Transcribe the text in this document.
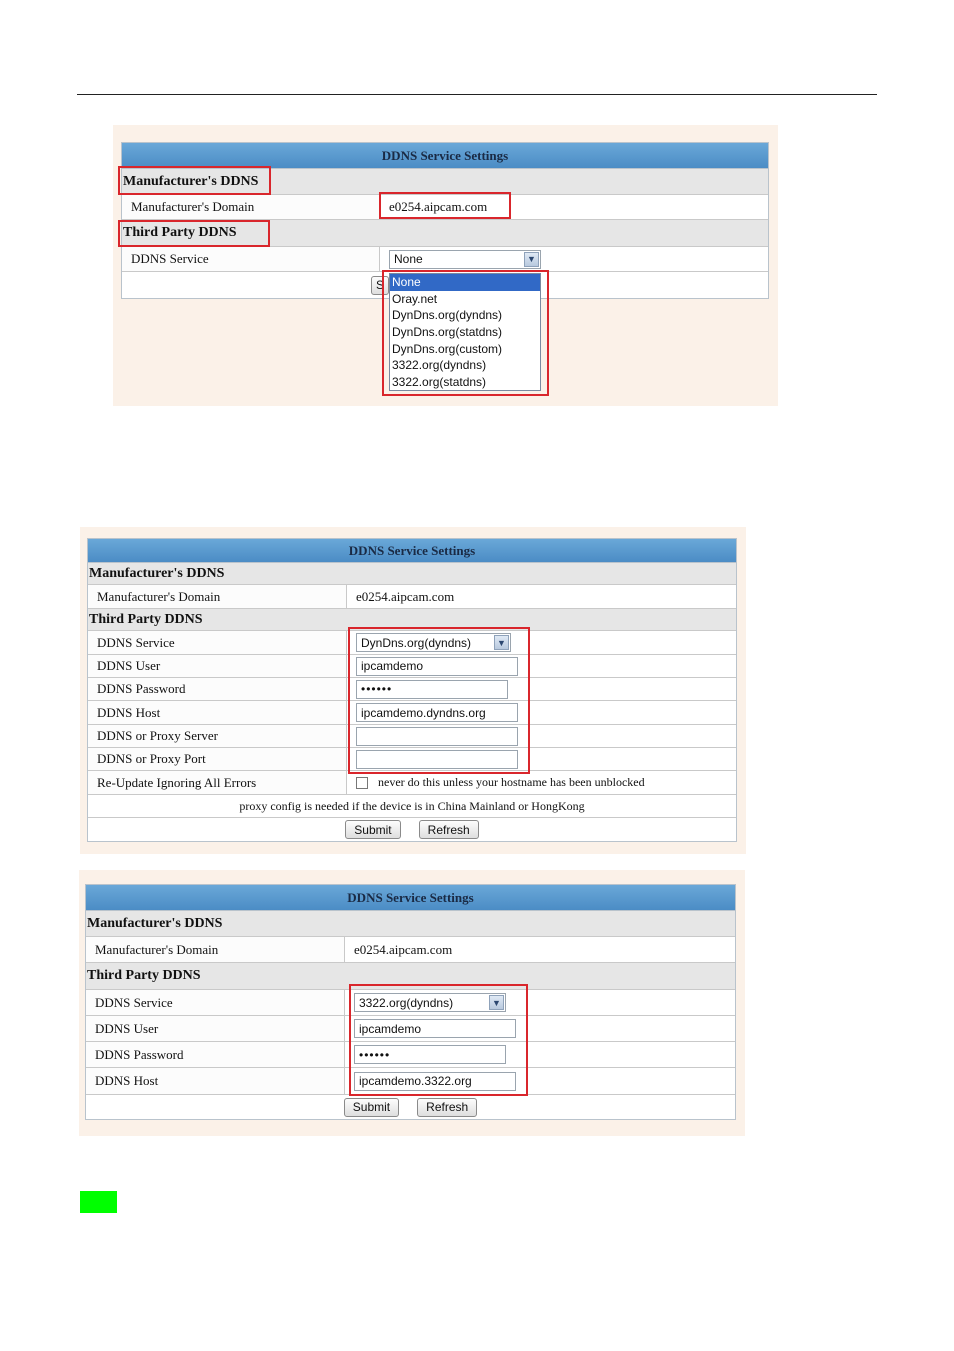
DDNS Service Settings
Manufacturer's DDNS
Manufacturer's Domain	e0254.aipcam.com
Third Party DDNS
DDNS Service	None	▼
S None
Oray.net
DynDns.org(dyndns)
DynDns.org(statdns)
DynDns.org(custom)
3322.org(dyndns)
3322.org(statdns)
DDNS Service Settings
Manufacturer's DDNS
Manufacturer's Domain	e0254.aipcam.com
Third Party DDNS
DDNS Service	DynDns.org(dyndns)	▼
DDNS User	ipcamdemo
DDNS Password	••••••
DDNS Host	ipcamdemo.dyndns.org
DDNS or Proxy Server
DDNS or Proxy Port
Re-Update Ignoring All Errors	never do this unless your hostname has been unblocked
proxy config is needed if the device is in China Mainland or HongKong
Submit	Refresh
DDNS Service Settings
Manufacturer's DDNS
Manufacturer's Domain	e0254.aipcam.com
Third Party DDNS
DDNS Service	3322.org(dyndns)	▼
DDNS User	ipcamdemo
DDNS Password	••••••
DDNS Host	ipcamdemo.3322.org
Submit	Refresh
